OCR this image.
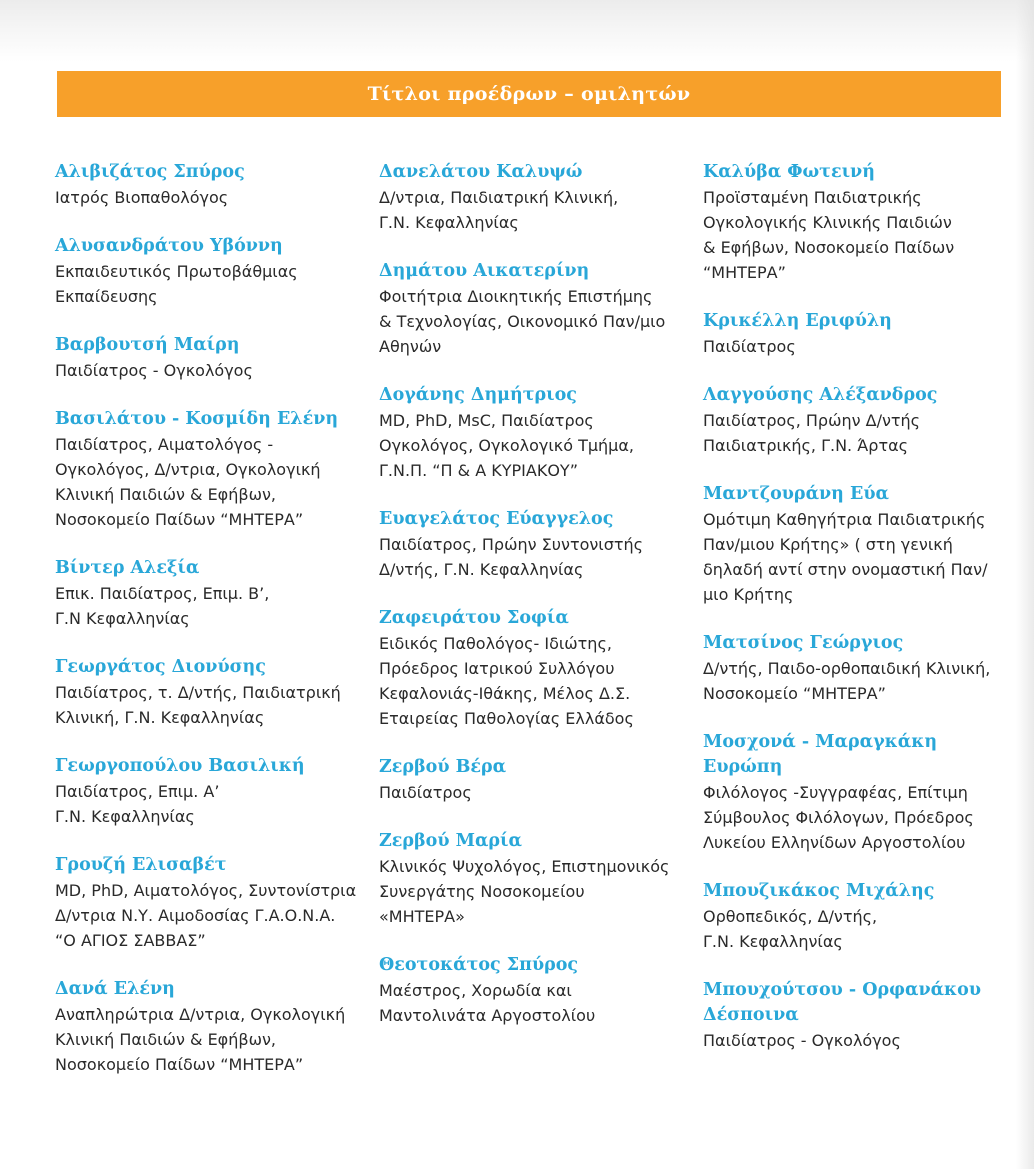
Τίτλοι προέδρων – ομιλητών
Αλιβιζάτος Σπύρος
Ιατρός Βιοπαθολόγος
Αλυσανδράτου Υβόννη
Εκπαιδευτικός Πρωτοβάθμιας
Εκπαίδευσης
Βαρβουτσή Μαίρη
Παιδίατρος - Ογκολόγος
Βασιλάτου - Κοσμίδη Ελένη
Παιδίατρος, Αιματολόγος -
Ογκολόγος, Δ/ντρια, Ογκολογική
Κλινική Παιδιών & Εφήβων,
Νοσοκομείο Παίδων “ΜΗΤΕΡΑ”
Βίντερ Αλεξία
Επικ. Παιδίατρος, Επιμ. Β’,
Γ.Ν Κεφαλληνίας
Γεωργάτος Διονύσης
Παιδίατρος, τ. Δ/ντής, Παιδιατρική
Κλινική, Γ.Ν. Κεφαλληνίας
Γεωργοπούλου Βασιλική
Παιδίατρος, Επιμ. Α’
Γ.Ν. Κεφαλληνίας
Γρουζή Ελισαβέτ
MD, PhD, Αιματολόγος, Συντονίστρια
Δ/ντρια Ν.Υ. Αιμοδοσίας Γ.Α.Ο.Ν.Α.
“Ο ΑΓΙΟΣ ΣΑΒΒΑΣ”
Δανά Ελένη
Αναπληρώτρια Δ/ντρια, Ογκολογική
Κλινική Παιδιών & Εφήβων,
Νοσοκομείο Παίδων “ΜΗΤΕΡΑ”
Δανελάτου Καλυψώ
Δ/ντρια, Παιδιατρική Κλινική,
Γ.Ν. Κεφαλληνίας
Δημάτου Αικατερίνη
Φοιτήτρια Διοικητικής Επιστήμης
& Τεχνολογίας, Οικονομικό Παν/μιο
Αθηνών
Δογάνης Δημήτριος
MD, PhD, MsC, Παιδίατρος
Ογκολόγος, Ογκολογικό Τμήμα,
Γ.Ν.Π. “Π & Α ΚΥΡΙΑΚΟΥ”
Ευαγελάτος Εύαγγελος
Παιδίατρος, Πρώην Συντονιστής
Δ/ντής, Γ.Ν. Κεφαλληνίας
Ζαφειράτου Σοφία
Ειδικός Παθολόγος- Ιδιώτης,
Πρόεδρος Ιατρικού Συλλόγου
Κεφαλονιάς-Ιθάκης, Μέλος Δ.Σ.
Εταιρείας Παθολογίας Ελλάδος
Ζερβού Βέρα
Παιδίατρος
Ζερβού Μαρία
Κλινικός Ψυχολόγος, Επιστημονικός
Συνεργάτης Νοσοκομείου
«ΜΗΤΕΡΑ»
Θεοτοκάτος Σπύρος
Μαέστρος, Χορωδία και
Μαντολινάτα Αργοστολίου
Καλύβα Φωτεινή
Προϊσταμένη Παιδιατρικής
Ογκολογικής Κλινικής Παιδιών
& Εφήβων, Νοσοκομείο Παίδων
“ΜΗΤΕΡΑ”
Κρικέλλη Εριφύλη
Παιδίατρος
Λαγγούσης Αλέξανδρος
Παιδίατρος, Πρώην Δ/ντής
Παιδιατρικής, Γ.Ν. Άρτας
Μαντζουράνη Εύα
Ομότιμη Καθηγήτρια Παιδιατρικής
Παν/μιου Κρήτης» ( στη γενική
δηλαδή αντί στην ονομαστική Παν/
μιο Κρήτης
Ματσίνος Γεώργιος
Δ/ντής, Παιδο-ορθοπαιδική Κλινική,
Νοσοκομείο “ΜΗΤΕΡΑ”
Μοσχονά - Μαραγκάκη
Ευρώπη
Φιλόλογος -Συγγραφέας, Επίτιμη
Σύμβουλος Φιλόλογων, Πρόεδρος
Λυκείου Ελληνίδων Αργοστολίου
Μπουζικάκος Μιχάλης
Ορθοπεδικός, Δ/ντής,
Γ.Ν. Κεφαλληνίας
Μπουχούτσου - Ορφανάκου
Δέσποινα
Παιδίατρος - Ογκολόγος
